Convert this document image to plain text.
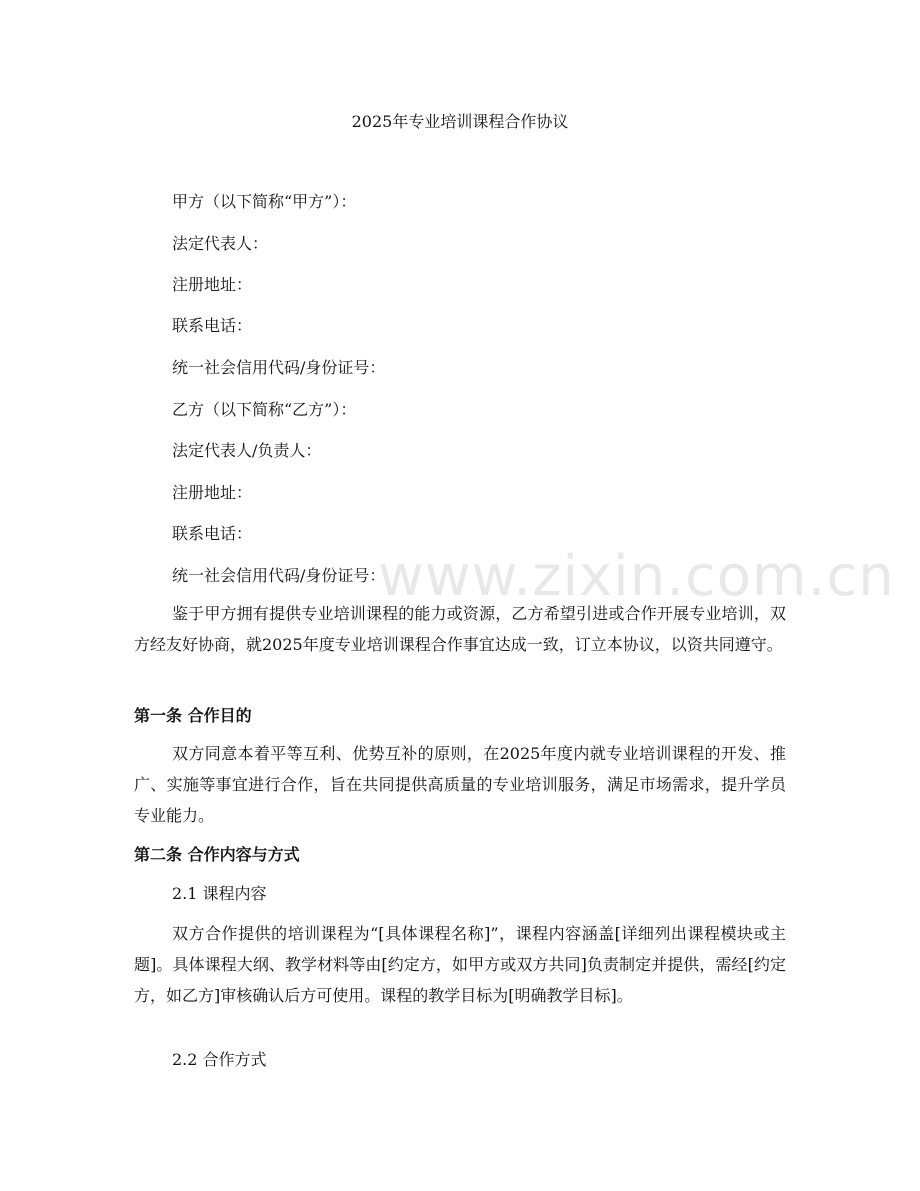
2025年专业培训课程合作协议
甲方（以下简称“甲方”）：
法定代表人：
注册地址：
联系电话：
统一社会信用代码/身份证号：
乙方（以下简称“乙方”）：
法定代表人/负责人：
注册地址：
联系电话：
统一社会信用代码/身份证号：
鉴于甲方拥有提供专业培训课程的能力或资源，乙方希望引进或合作开展专业培训，双方经友好协商，就2025年度专业培训课程合作事宜达成一致，订立本协议，以资共同遵守。
第一条 合作目的
双方同意本着平等互利、优势互补的原则，在2025年度内就专业培训课程的开发、推广、实施等事宜进行合作，旨在共同提供高质量的专业培训服务，满足市场需求，提升学员专业能力。
第二条 合作内容与方式
2.1 课程内容
双方合作提供的培训课程为“[具体课程名称]”，课程内容涵盖[详细列出课程模块或主题]。具体课程大纲、教学材料等由[约定方，如甲方或双方共同]负责制定并提供，需经[约定方，如乙方]审核确认后方可使用。课程的教学目标为[明确教学目标]。
2.2 合作方式
www.zixin.com.cn
